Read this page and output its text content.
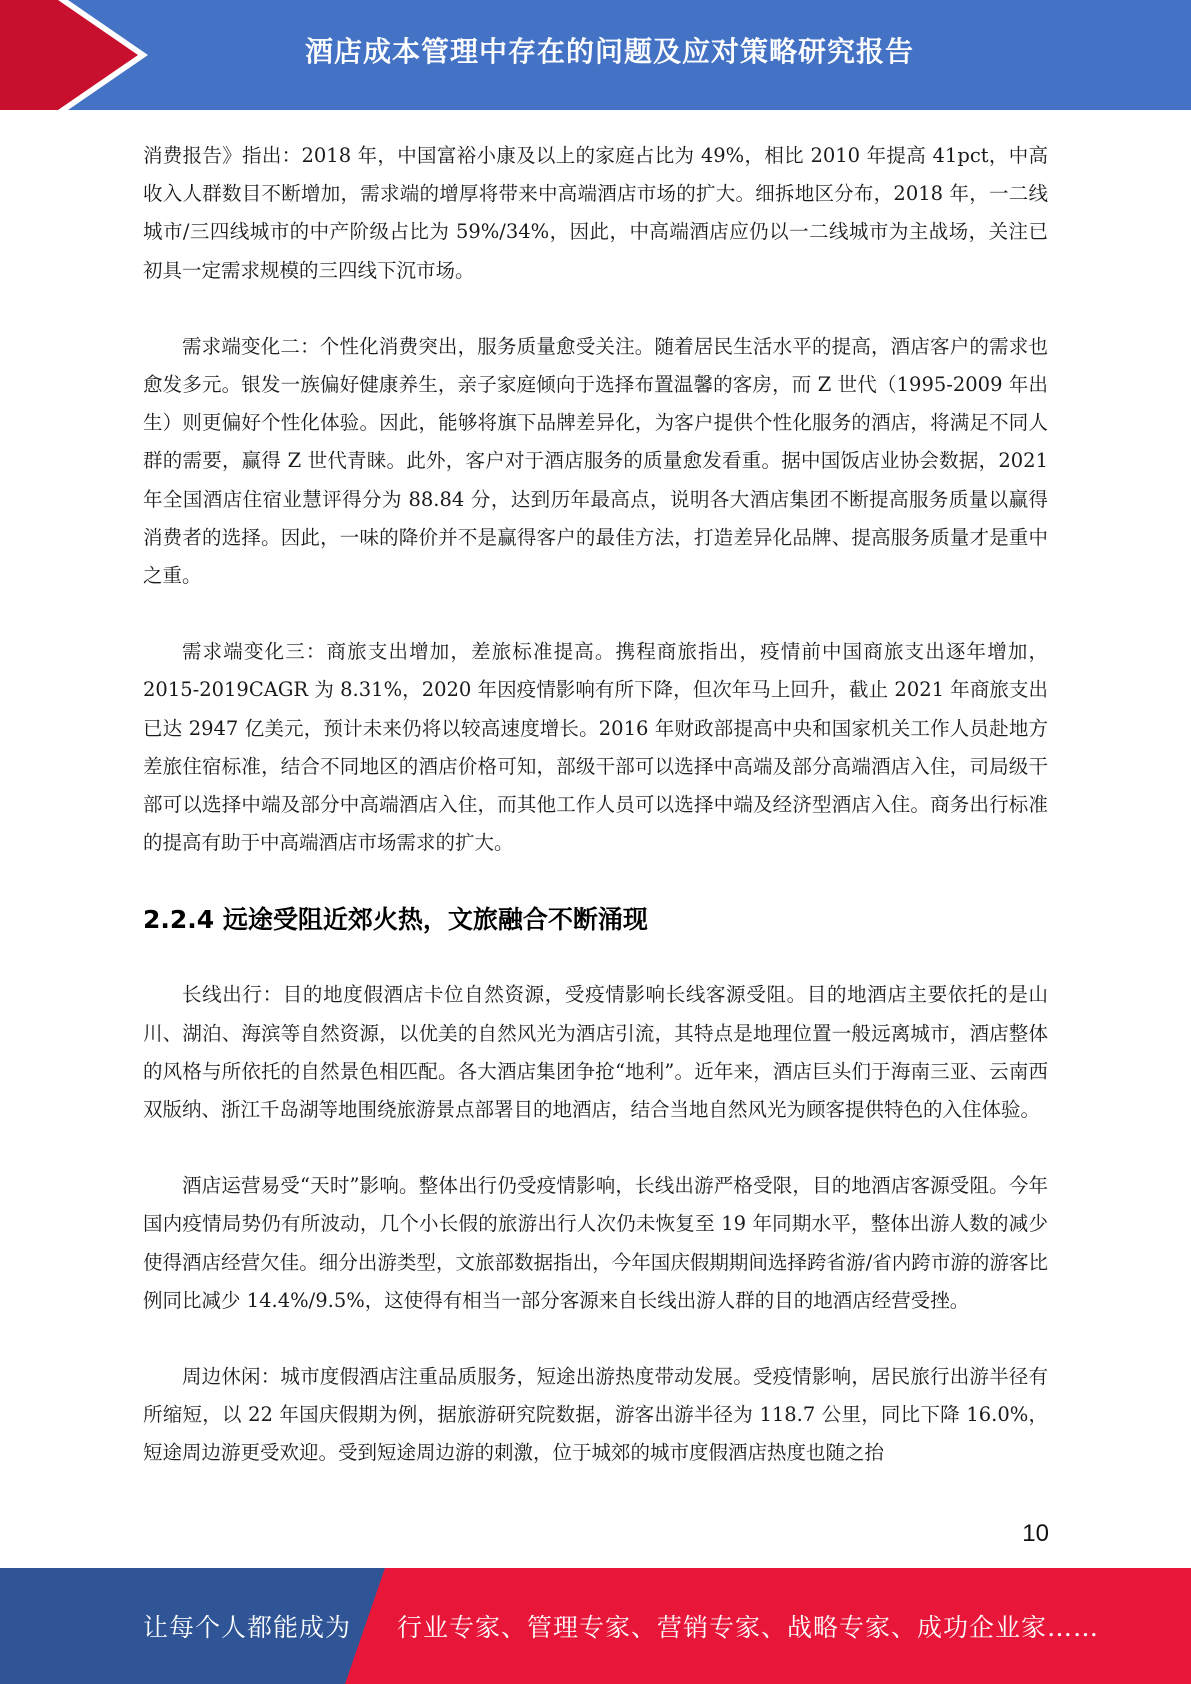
酒店成本管理中存在的问题及应对策略研究报告

消费报告》指出：2018 年，中国富裕小康及以上的家庭占比为 49%，相比 2010 年提高 41pct，中高收入人群数目不断增加，需求端的增厚将带来中高端酒店市场的扩大。细拆地区分布，2018 年，一二线城市/三四线城市的中产阶级占比为 59%/34%，因此，中高端酒店应仍以一二线城市为主战场，关注已初具一定需求规模的三四线下沉市场。

需求端变化二：个性化消费突出，服务质量愈受关注。随着居民生活水平的提高，酒店客户的需求也愈发多元。银发一族偏好健康养生，亲子家庭倾向于选择布置温馨的客房，而 Z 世代（1995-2009 年出生）则更偏好个性化体验。因此，能够将旗下品牌差异化，为客户提供个性化服务的酒店，将满足不同人群的需要，赢得 Z 世代青睐。此外，客户对于酒店服务的质量愈发看重。据中国饭店业协会数据，2021 年全国酒店住宿业慧评得分为 88.84 分，达到历年最高点，说明各大酒店集团不断提高服务质量以赢得消费者的选择。因此，一味的降价并不是赢得客户的最佳方法，打造差异化品牌、提高服务质量才是重中之重。

需求端变化三：商旅支出增加，差旅标准提高。携程商旅指出，疫情前中国商旅支出逐年增加，2015-2019CAGR 为 8.31%，2020 年因疫情影响有所下降，但次年马上回升，截止 2021 年商旅支出已达 2947 亿美元，预计未来仍将以较高速度增长。2016 年财政部提高中央和国家机关工作人员赴地方差旅住宿标准，结合不同地区的酒店价格可知，部级干部可以选择中高端及部分高端酒店入住，司局级干部可以选择中端及部分中高端酒店入住，而其他工作人员可以选择中端及经济型酒店入住。商务出行标准的提高有助于中高端酒店市场需求的扩大。

2.2.4 远途受阻近郊火热，文旅融合不断涌现

长线出行：目的地度假酒店卡位自然资源，受疫情影响长线客源受阻。目的地酒店主要依托的是山川、湖泊、海滨等自然资源，以优美的自然风光为酒店引流，其特点是地理位置一般远离城市，酒店整体的风格与所依托的自然景色相匹配。各大酒店集团争抢“地利”。近年来，酒店巨头们于海南三亚、云南西双版纳、浙江千岛湖等地围绕旅游景点部署目的地酒店，结合当地自然风光为顾客提供特色的入住体验。

酒店运营易受“天时”影响。整体出行仍受疫情影响，长线出游严格受限，目的地酒店客源受阻。今年国内疫情局势仍有所波动，几个小长假的旅游出行人次仍未恢复至 19 年同期水平，整体出游人数的减少使得酒店经营欠佳。细分出游类型，文旅部数据指出，今年国庆假期期间选择跨省游/省内跨市游的游客比例同比减少 14.4%/9.5%，这使得有相当一部分客源来自长线出游人群的目的地酒店经营受挫。

周边休闲：城市度假酒店注重品质服务，短途出游热度带动发展。受疫情影响，居民旅行出游半径有所缩短，以 22 年国庆假期为例，据旅游研究院数据，游客出游半径为 118.7 公里，同比下降 16.0%，短途周边游更受欢迎。受到短途周边游的刺激，位于城郊的城市度假酒店热度也随之抬

10
让每个人都能成为 行业专家、管理专家、营销专家、战略专家、成功企业家……
